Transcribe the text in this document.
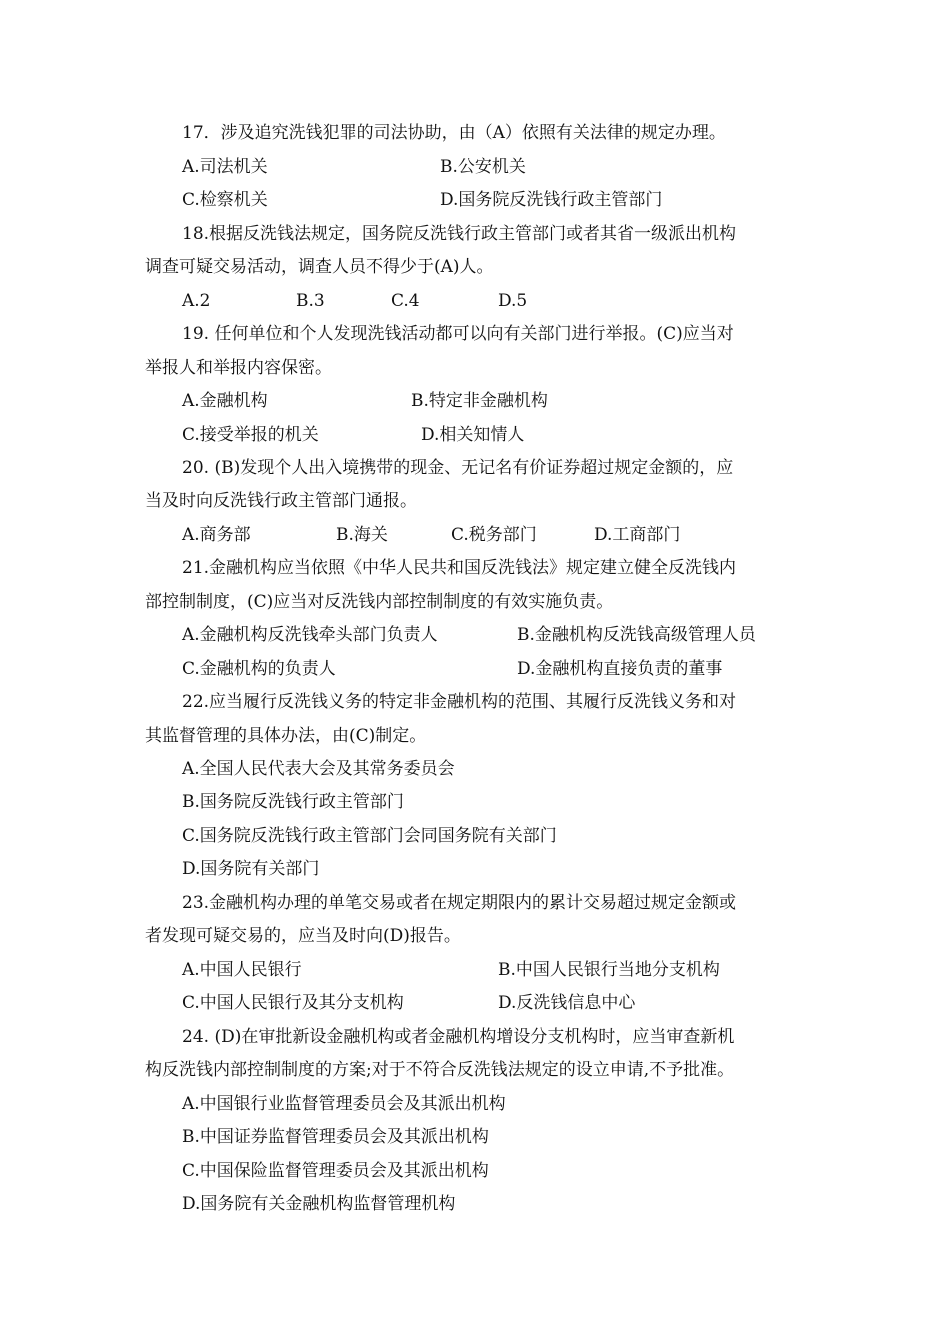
17．涉及追究洗钱犯罪的司法协助，由（A）依照有关法律的规定办理。
A.司法机关	B.公安机关
C.检察机关	D.国务院反洗钱行政主管部门
18.根据反洗钱法规定，国务院反洗钱行政主管部门或者其省一级派出机构
调查可疑交易活动，调查人员不得少于(A)人。
A.2	B.3	C.4	D.5
19. 任何单位和个人发现洗钱活动都可以向有关部门进行举报。(C)应当对
举报人和举报内容保密。
A.金融机构	B.特定非金融机构
C.接受举报的机关	D.相关知情人
20. (B)发现个人出入境携带的现金、无记名有价证券超过规定金额的，应
当及时向反洗钱行政主管部门通报。
A.商务部	B.海关	C.税务部门	D.工商部门
21.金融机构应当依照《中华人民共和国反洗钱法》规定建立健全反洗钱内
部控制制度，(C)应当对反洗钱内部控制制度的有效实施负责。
A.金融机构反洗钱牵头部门负责人	B.金融机构反洗钱高级管理人员
C.金融机构的负责人	D.金融机构直接负责的董事
22.应当履行反洗钱义务的特定非金融机构的范围、其履行反洗钱义务和对
其监督管理的具体办法，由(C)制定。
A.全国人民代表大会及其常务委员会
B.国务院反洗钱行政主管部门
C.国务院反洗钱行政主管部门会同国务院有关部门
D.国务院有关部门
23.金融机构办理的单笔交易或者在规定期限内的累计交易超过规定金额或
者发现可疑交易的，应当及时向(D)报告。
A.中国人民银行	B.中国人民银行当地分支机构
C.中国人民银行及其分支机构	D.反洗钱信息中心
24. (D)在审批新设金融机构或者金融机构增设分支机构时，应当审查新机
构反洗钱内部控制制度的方案;对于不符合反洗钱法规定的设立申请,不予批准。
A.中国银行业监督管理委员会及其派出机构
B.中国证券监督管理委员会及其派出机构
C.中国保险监督管理委员会及其派出机构
D.国务院有关金融机构监督管理机构
